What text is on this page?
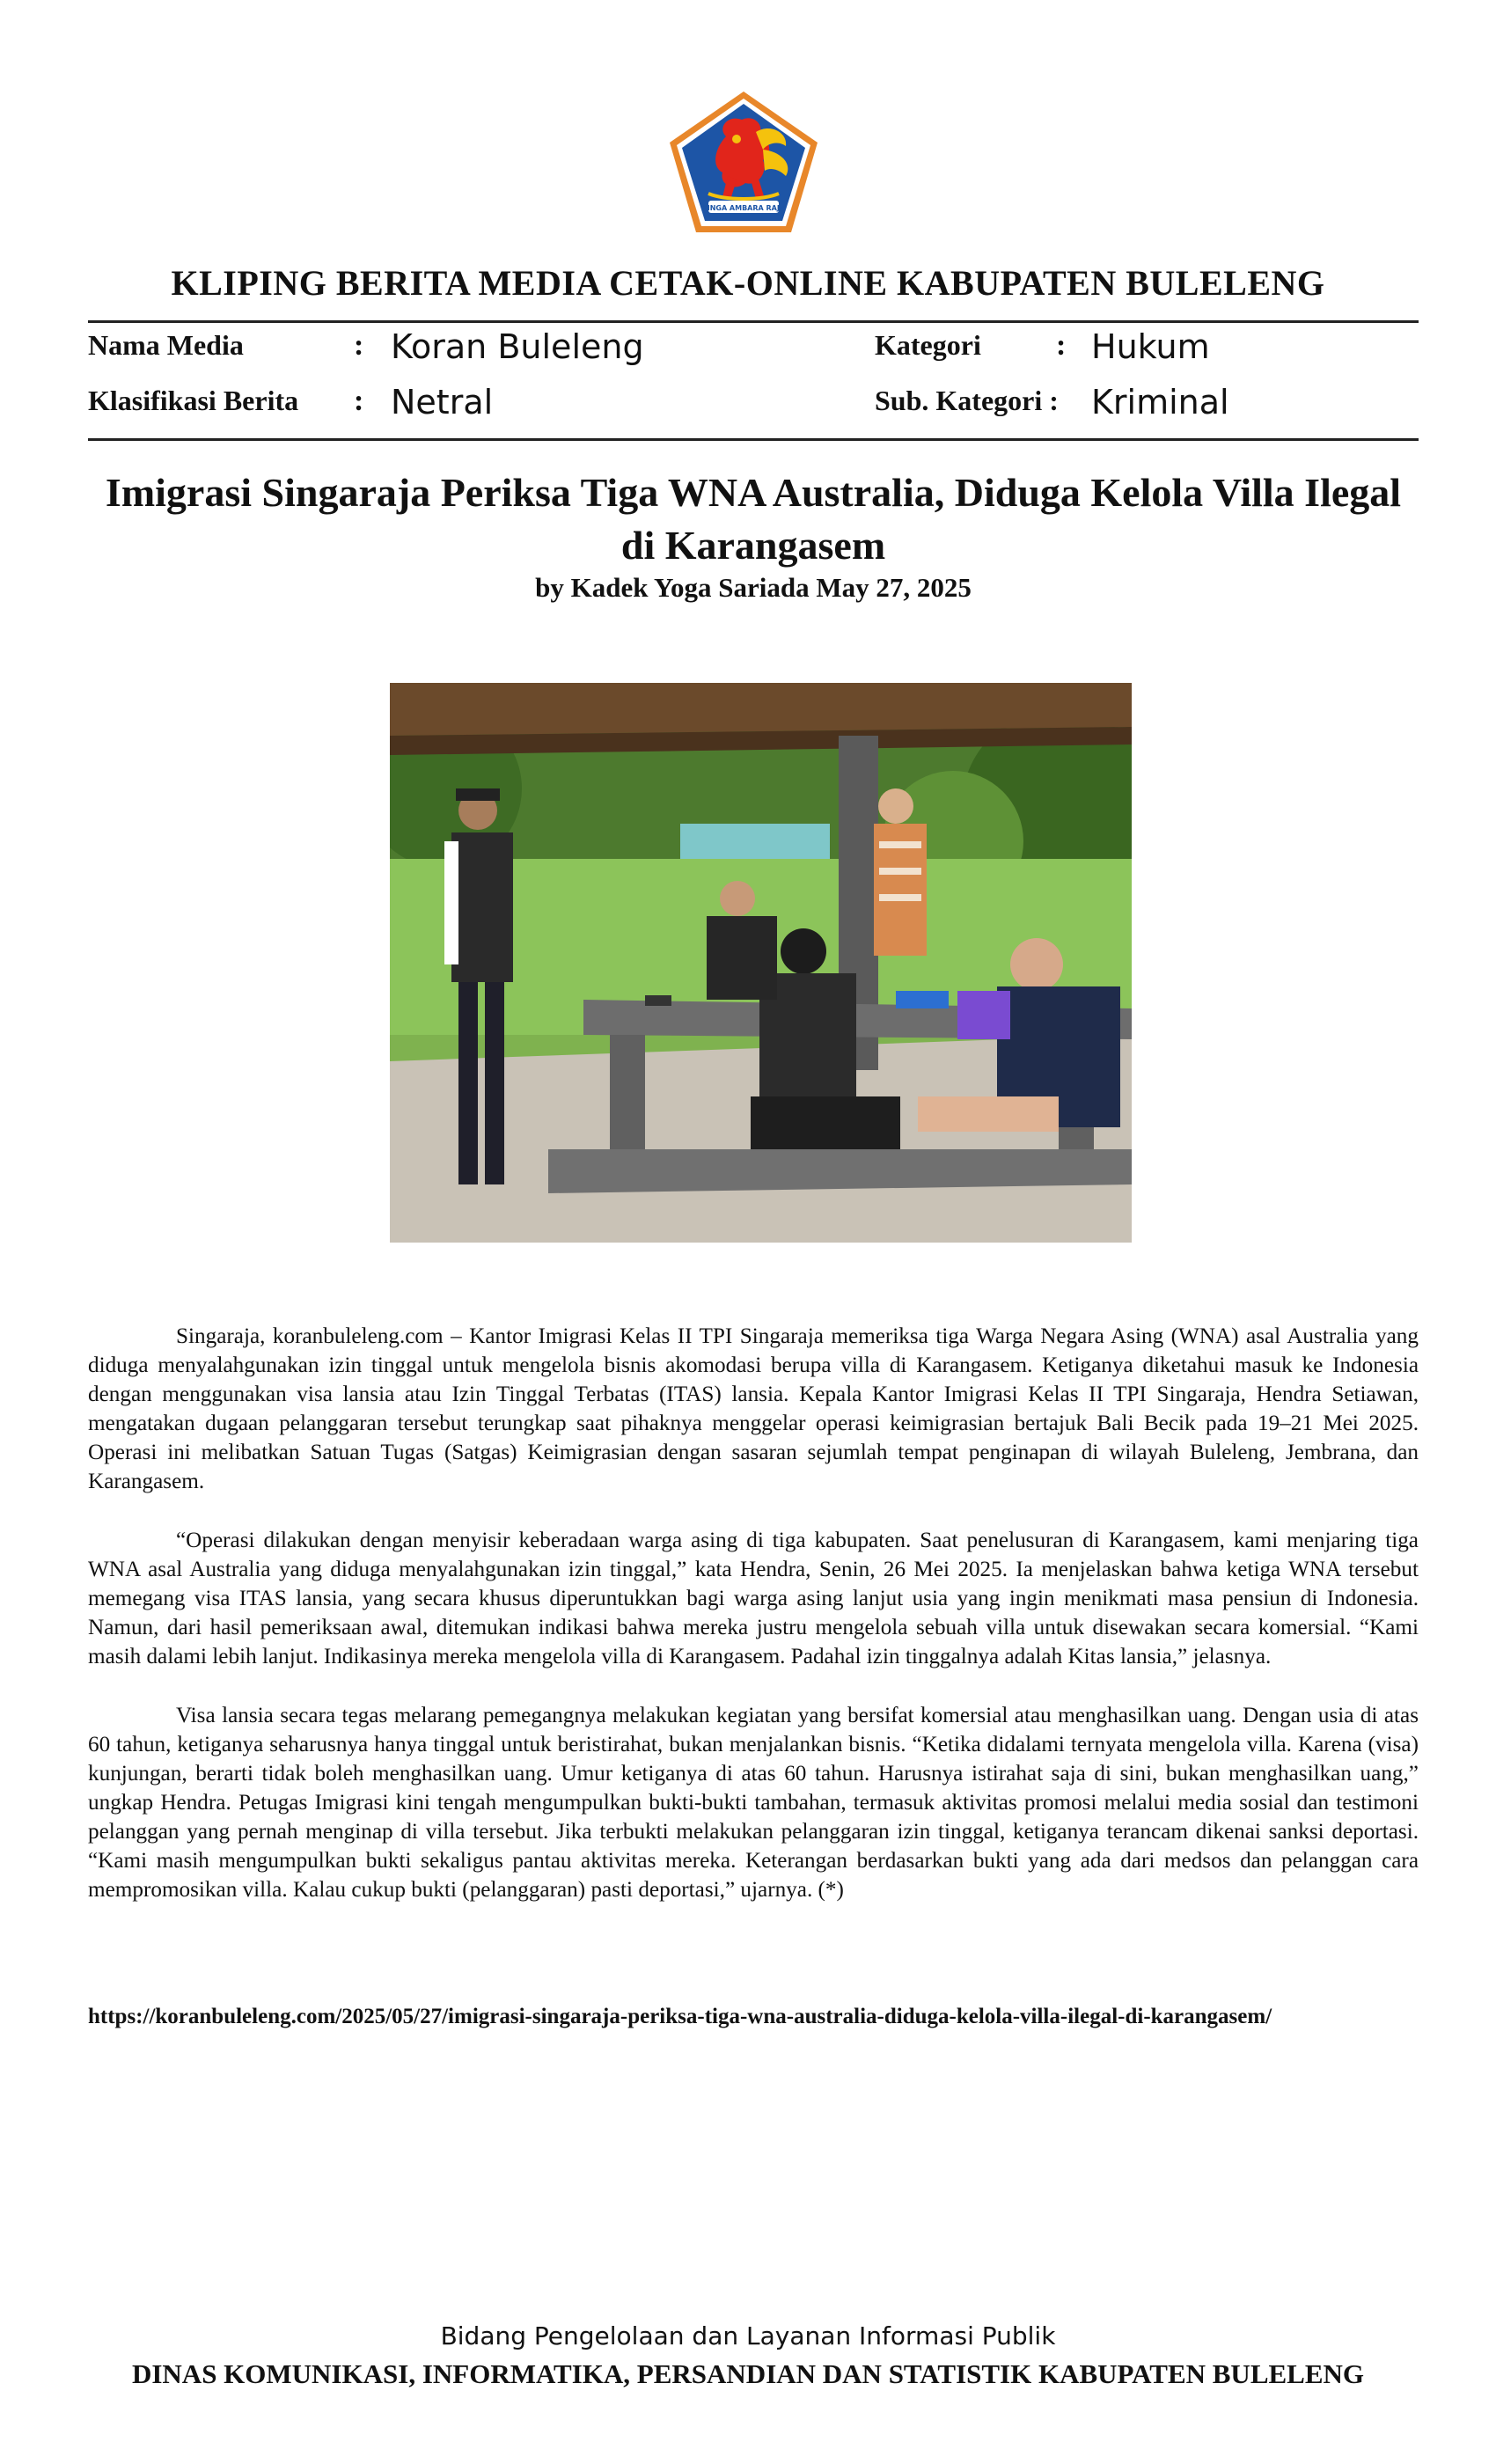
SINGA AMBARA RAJA
KLIPING BERITA MEDIA CETAK-ONLINE KABUPATEN BULELENG
Nama Media	: Koran Buleleng
Klasifikasi Berita : Netral
Kategori	: Hukum
Sub. Kategori : Kriminal
Imigrasi Singaraja Periksa Tiga WNA Australia, Diduga Kelola Villa Ilegal di Karangasem
by Kadek Yoga Sariada May 27, 2025

Singaraja, koranbuleleng.com – Kantor Imigrasi Kelas II TPI Singaraja memeriksa tiga Warga Negara Asing (WNA) asal Australia yang diduga menyalahgunakan izin tinggal untuk mengelola bisnis akomodasi berupa villa di Karangasem. Ketiganya diketahui masuk ke Indonesia dengan menggunakan visa lansia atau Izin Tinggal Terbatas (ITAS) lansia. Kepala Kantor Imigrasi Kelas II TPI Singaraja, Hendra Setiawan, mengatakan dugaan pelanggaran tersebut terungkap saat pihaknya menggelar operasi keimigrasian bertajuk Bali Becik pada 19–21 Mei 2025. Operasi ini melibatkan Satuan Tugas (Satgas) Keimigrasian dengan sasaran sejumlah tempat penginapan di wilayah Buleleng, Jembrana, dan Karangasem.

“Operasi dilakukan dengan menyisir keberadaan warga asing di tiga kabupaten. Saat penelusuran di Karangasem, kami menjaring tiga WNA asal Australia yang diduga menyalahgunakan izin tinggal,” kata Hendra, Senin, 26 Mei 2025. Ia menjelaskan bahwa ketiga WNA tersebut memegang visa ITAS lansia, yang secara khusus diperuntukkan bagi warga asing lanjut usia yang ingin menikmati masa pensiun di Indonesia. Namun, dari hasil pemeriksaan awal, ditemukan indikasi bahwa mereka justru mengelola sebuah villa untuk disewakan secara komersial. “Kami masih dalami lebih lanjut. Indikasinya mereka mengelola villa di Karangasem. Padahal izin tinggalnya adalah Kitas lansia,” jelasnya.

Visa lansia secara tegas melarang pemegangnya melakukan kegiatan yang bersifat komersial atau menghasilkan uang. Dengan usia di atas 60 tahun, ketiganya seharusnya hanya tinggal untuk beristirahat, bukan menjalankan bisnis. “Ketika didalami ternyata mengelola villa. Karena (visa) kunjungan, berarti tidak boleh menghasilkan uang. Umur ketiganya di atas 60 tahun. Harusnya istirahat saja di sini, bukan menghasilkan uang,” ungkap Hendra. Petugas Imigrasi kini tengah mengumpulkan bukti-bukti tambahan, termasuk aktivitas promosi melalui media sosial dan testimoni pelanggan yang pernah menginap di villa tersebut. Jika terbukti melakukan pelanggaran izin tinggal, ketiganya terancam dikenai sanksi deportasi. “Kami masih mengumpulkan bukti sekaligus pantau aktivitas mereka. Keterangan berdasarkan bukti yang ada dari medsos dan pelanggan cara mempromosikan villa. Kalau cukup bukti (pelanggaran) pasti deportasi,” ujarnya. (*)

https://koranbuleleng.com/2025/05/27/imigrasi-singaraja-periksa-tiga-wna-australia-diduga-kelola-villa-ilegal-di-karangasem/
Bidang Pengelolaan dan Layanan Informasi Publik
DINAS KOMUNIKASI, INFORMATIKA, PERSANDIAN DAN STATISTIK KABUPATEN BULELENG
